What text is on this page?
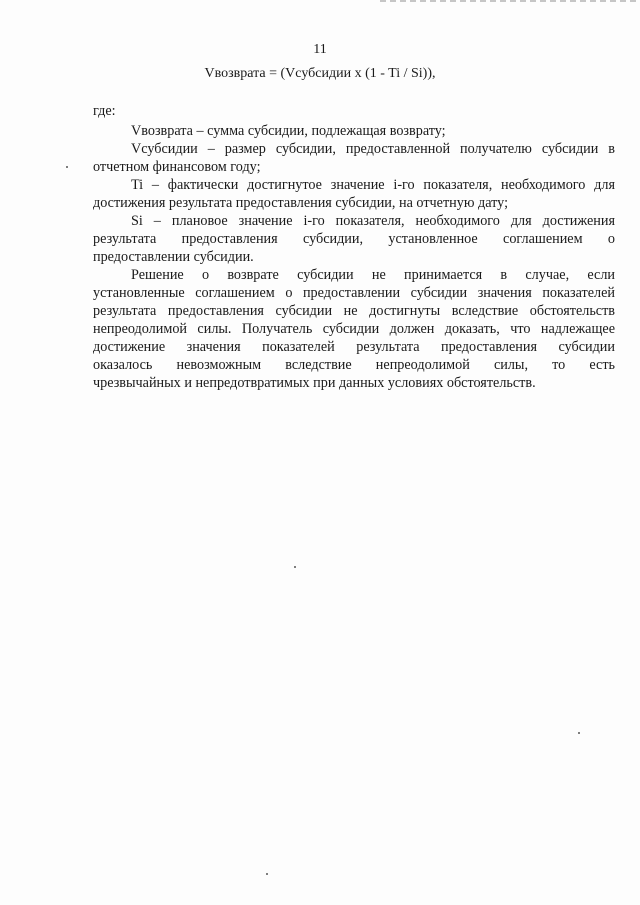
11
Vвозврата = (Vсубсидии x (1 - Ti / Si)),
где:
Vвозврата – сумма субсидии, подлежащая возврату;
Vсубсидии – размер субсидии, предоставленной получателю субсидии в
отчетном финансовом году;
Ti – фактически достигнутое значение i-го показателя, необходимого для
достижения результата предоставления субсидии, на отчетную дату;
Si – плановое значение i-го показателя, необходимого для достижения
результата предоставления субсидии, установленное соглашением о
предоставлении субсидии.
Решение о возврате субсидии не принимается в случае, если
установленные соглашением о предоставлении субсидии значения показателей
результата предоставления субсидии не достигнуты вследствие обстоятельств
непреодолимой силы. Получатель субсидии должен доказать, что надлежащее
достижение значения показателей результата предоставления субсидии
оказалось невозможным вследствие непреодолимой силы, то есть
чрезвычайных и непредотвратимых при данных условиях обстоятельств.
